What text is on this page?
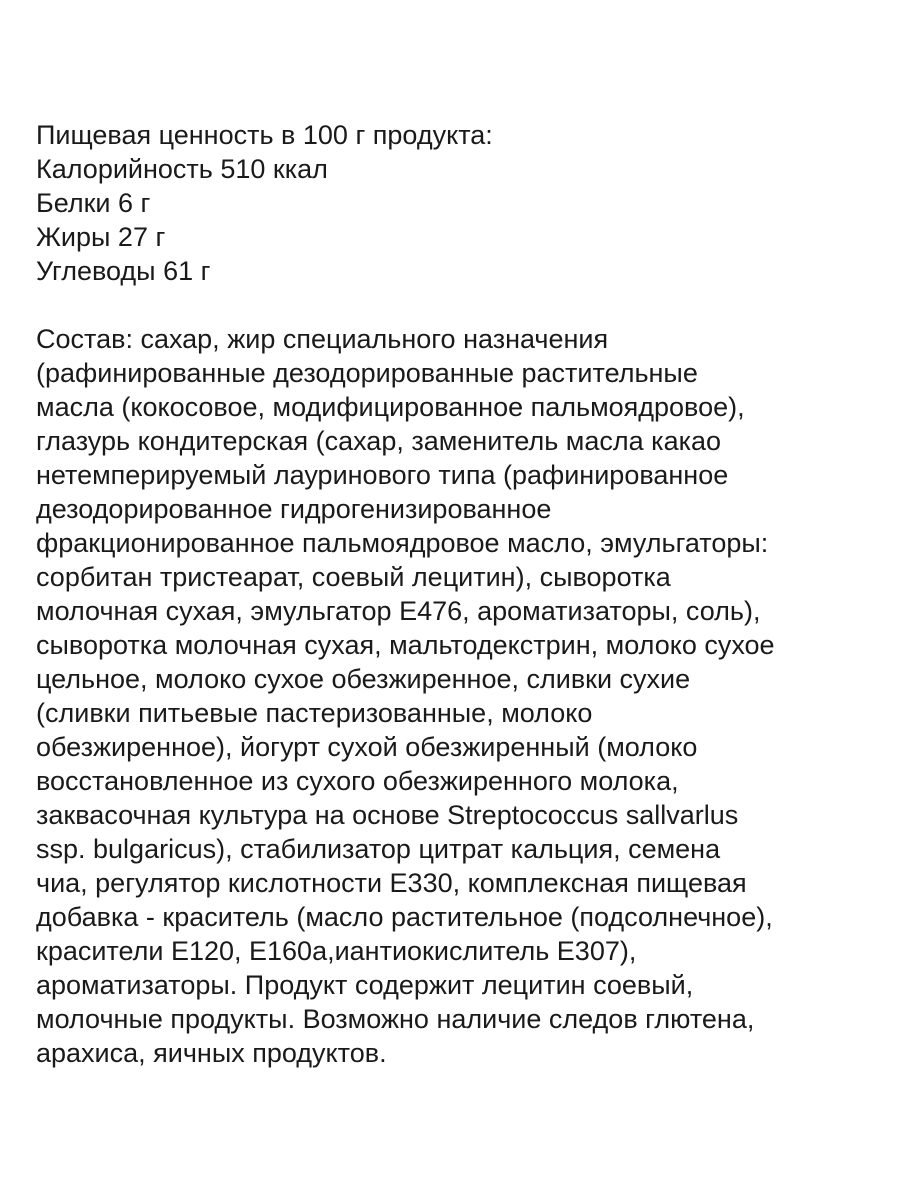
Пищевая ценность в 100 г продукта:
Калорийность 510 ккал
Белки 6 г
Жиры 27 г
Углеводы 61 г
Состав: сахар, жир специального назначения
(рафинированные дезодорированные растительные
масла (кокосовое, модифицированное пальмоядровое),
глазурь кондитерская (сахар, заменитель масла какао
нетемперируемый лауринового типа (рафинированное
дезодорированное гидрогенизированное
фракционированное пальмоядровое масло, эмульгаторы:
сорбитан тристеарат, соевый лецитин), сыворотка
молочная сухая, эмульгатор Е476, ароматизаторы, соль),
сыворотка молочная сухая, мальтодекстрин, молоко сухое
цельное, молоко сухое обезжиренное, сливки сухие
(сливки питьевые пастеризованные, молоко
обезжиренное), йогурт сухой обезжиренный (молоко
восстановленное из сухого обезжиренного молока,
заквасочная культура на основе Streptococcus sallvarlus
ssp. bulgaricus), стабилизатор цитрат кальция, семена
чиа, регулятор кислотности Е330, комплексная пищевая
добавка - краситель (масло растительное (подсолнечное),
красители Е120, Е160а,иантиокислитель Е307),
ароматизаторы. Продукт содержит лецитин соевый,
молочные продукты. Возможно наличие следов глютена,
арахиса, яичных продуктов.
